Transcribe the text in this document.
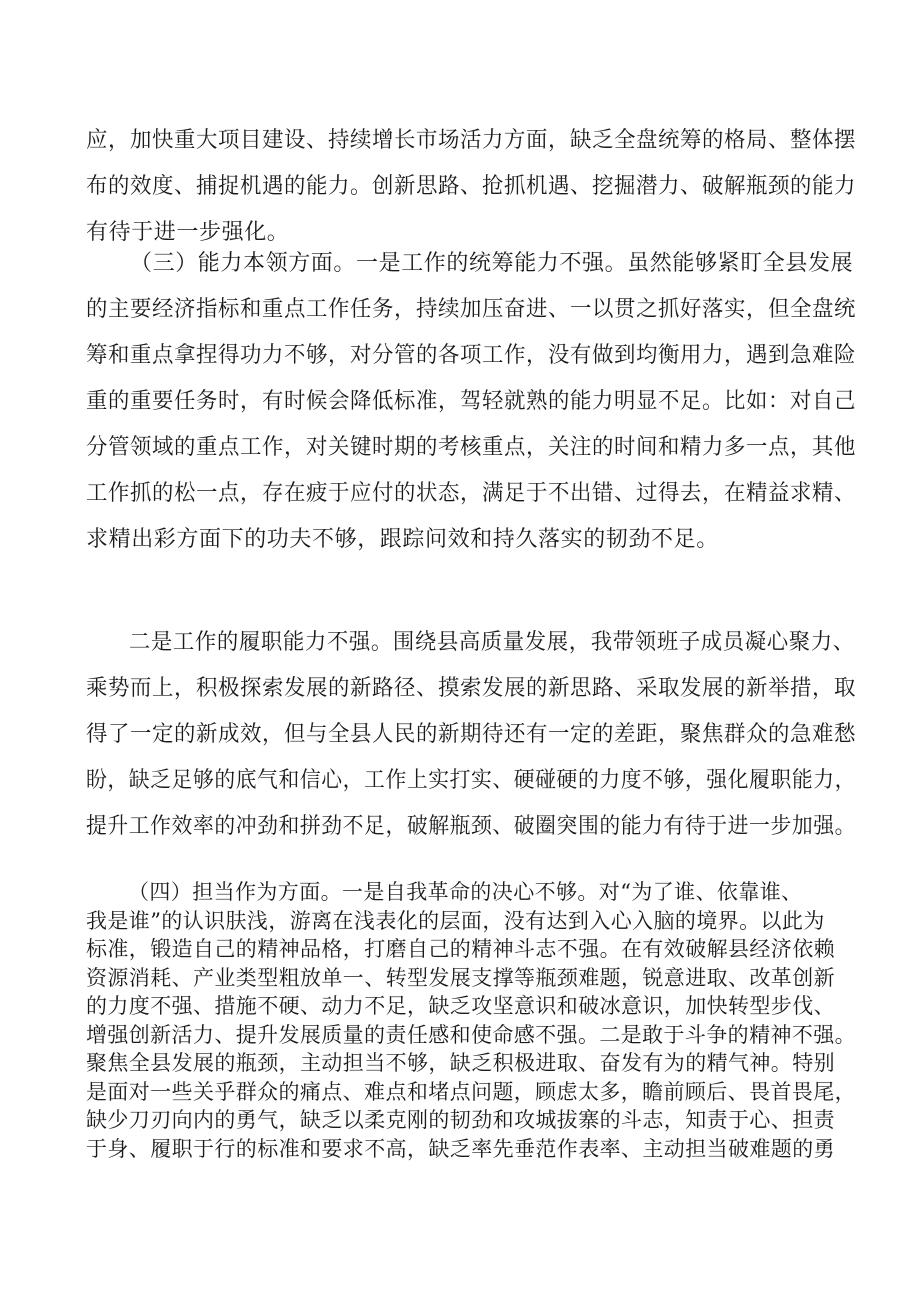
应，加快重大项目建设、持续增长市场活力方面，缺乏全盘统筹的格局、整体摆
布的效度、捕捉机遇的能力。创新思路、抢抓机遇、挖掘潜力、破解瓶颈的能力
有待于进一步强化。
（三）能力本领方面。一是工作的统筹能力不强。虽然能够紧盯全县发展
的主要经济指标和重点工作任务，持续加压奋进、一以贯之抓好落实，但全盘统
筹和重点拿捏得功力不够，对分管的各项工作，没有做到均衡用力，遇到急难险
重的重要任务时，有时候会降低标准，驾轻就熟的能力明显不足。比如：对自己
分管领域的重点工作，对关键时期的考核重点，关注的时间和精力多一点，其他
工作抓的松一点，存在疲于应付的状态，满足于不出错、过得去，在精益求精、
求精出彩方面下的功夫不够，跟踪问效和持久落实的韧劲不足。
二是工作的履职能力不强。围绕县高质量发展，我带领班子成员凝心聚力、
乘势而上，积极探索发展的新路径、摸索发展的新思路、采取发展的新举措，取
得了一定的新成效，但与全县人民的新期待还有一定的差距，聚焦群众的急难愁
盼，缺乏足够的底气和信心，工作上实打实、硬碰硬的力度不够，强化履职能力，
提升工作效率的冲劲和拼劲不足，破解瓶颈、破圈突围的能力有待于进一步加强。
（四）担当作为方面。一是自我革命的决心不够。对“为了谁、依靠谁、
我是谁”的认识肤浅，游离在浅表化的层面，没有达到入心入脑的境界。以此为
标准，锻造自己的精神品格，打磨自己的精神斗志不强。在有效破解县经济依赖
资源消耗、产业类型粗放单一、转型发展支撑等瓶颈难题，锐意进取、改革创新
的力度不强、措施不硬、动力不足，缺乏攻坚意识和破冰意识，加快转型步伐、
增强创新活力、提升发展质量的责任感和使命感不强。二是敢于斗争的精神不强。
聚焦全县发展的瓶颈，主动担当不够，缺乏积极进取、奋发有为的精气神。特别
是面对一些关乎群众的痛点、难点和堵点问题，顾虑太多，瞻前顾后、畏首畏尾，
缺少刀刃向内的勇气，缺乏以柔克刚的韧劲和攻城拔寨的斗志，知责于心、担责
于身、履职于行的标准和要求不高，缺乏率先垂范作表率、主动担当破难题的勇
